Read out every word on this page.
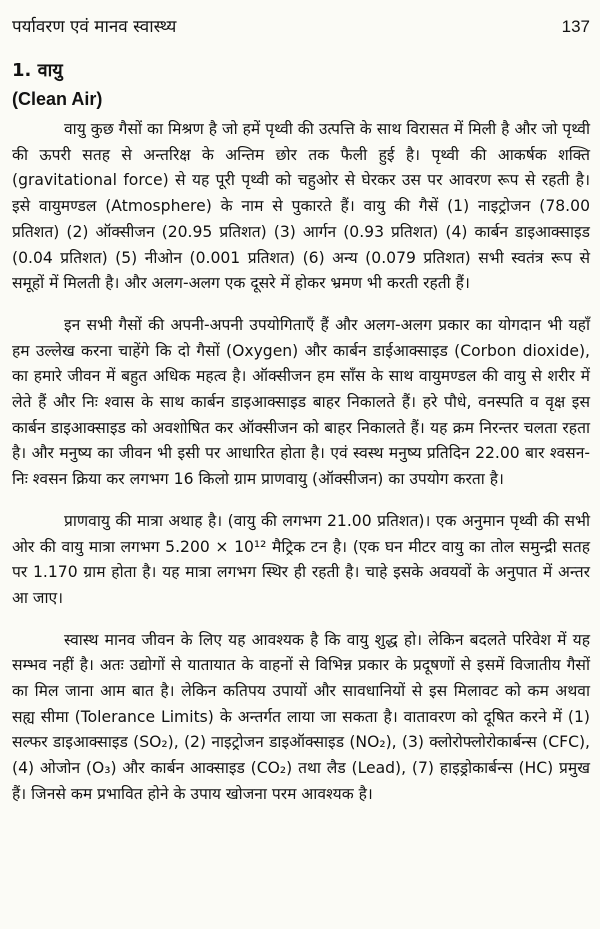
पर्यावरण एवं मानव स्वास्थ्य	137
1. वायु
(Clean Air)

वायु कुछ गैसों का मिश्रण है जो हमें पृथ्वी की उत्पत्ति के साथ विरासत में मिली है और जो पृथ्वी की ऊपरी सतह से अन्तरिक्ष के अन्तिम छोर तक फैली हुई है। पृथ्वी की आकर्षक शक्ति (gravitational force) से यह पूरी पृथ्वी को चहुओर से घेरकर उस पर आवरण रूप से रहती है। इसे वायुमण्डल (Atmosphere) के नाम से पुकारते हैं। वायु की गैसें (1) नाइट्रोजन (78.00 प्रतिशत) (2) ऑक्सीजन (20.95 प्रतिशत) (3) आर्गन (0.93 प्रतिशत) (4) कार्बन डाइआक्साइड (0.04 प्रतिशत) (5) नीओन (0.001 प्रतिशत) (6) अन्य (0.079 प्रतिशत) सभी स्वतंत्र रूप से समूहों में मिलती है। और अलग-अलग एक दूसरे में होकर भ्रमण भी करती रहती हैं।

इन सभी गैसों की अपनी-अपनी उपयोगिताएँ हैं और अलग-अलग प्रकार का योगदान भी यहाँ हम उल्लेख करना चाहेंगे कि दो गैसों (Oxygen) और कार्बन डाईआक्साइड (Corbon dioxide), का हमारे जीवन में बहुत अधिक महत्व है। ऑक्सीजन हम साँस के साथ वायुमण्डल की वायु से शरीर में लेते हैं और निः श्वास के साथ कार्बन डाइआक्साइड बाहर निकालते हैं। हरे पौधे, वनस्पति व वृक्ष इस कार्बन डाइआक्साइड को अवशोषित कर ऑक्सीजन को बाहर निकालते हैं। यह क्रम निरन्तर चलता रहता है। और मनुष्य का जीवन भी इसी पर आधारित होता है। एवं स्वस्थ मनुष्य प्रतिदिन 22.00 बार श्वसन-निः श्वसन क्रिया कर लगभग 16 किलो ग्राम प्राणवायु (ऑक्सीजन) का उपयोग करता है।

प्राणवायु की मात्रा अथाह है। (वायु की लगभग 21.00 प्रतिशत)। एक अनुमान पृथ्वी की सभी ओर की वायु मात्रा लगभग 5.200 × 10¹² मैट्रिक टन है। (एक घन मीटर वायु का तोल समुन्द्री सतह पर 1.170 ग्राम होता है। यह मात्रा लगभग स्थिर ही रहती है। चाहे इसके अवयवों के अनुपात में अन्तर आ जाए।

स्वास्थ मानव जीवन के लिए यह आवश्यक है कि वायु शुद्ध हो। लेकिन बदलते परिवेश में यह सम्भव नहीं है। अतः उद्योगों से यातायात के वाहनों से विभिन्न प्रकार के प्रदूषणों से इसमें विजातीय गैसों का मिल जाना आम बात है। लेकिन कतिपय उपायों और सावधानियों से इस मिलावट को कम अथवा सह्य सीमा (Tolerance Limits) के अन्तर्गत लाया जा सकता है। वातावरण को दूषित करने में (1) सल्फर डाइआक्साइड (SO₂), (2) नाइट्रोजन डाइऑक्साइड (NO₂), (3) क्लोरोफ्लोरोकार्बन्स (CFC), (4) ओजोन (O₃) और कार्बन आक्साइड (CO₂) तथा लैड (Lead), (7) हाइड्रोकार्बन्स (HC) प्रमुख हैं। जिनसे कम प्रभावित होने के उपाय खोजना परम आवश्यक है।
